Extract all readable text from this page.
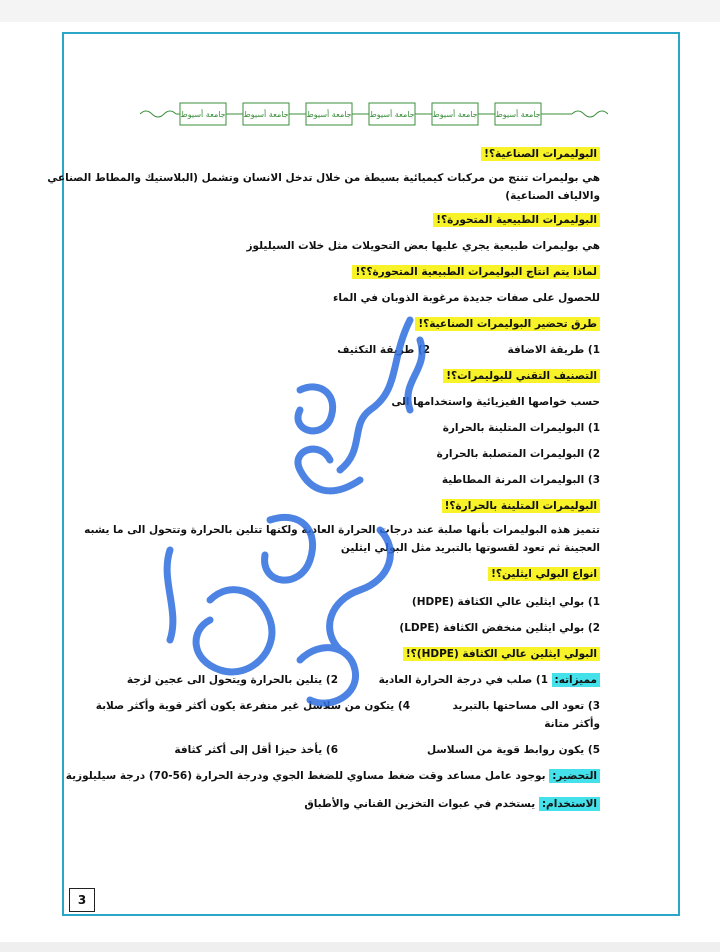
جامعة أسيوط جامعة أسيوط جامعة أسيوط جامعة أسيوط جامعة أسيوط جامعة أسيوط
البوليمرات الصناعية؟!
هي بوليمرات تنتج من مركبات كيميائية بسيطة من خلال تدخل الانسان وتشمل (البلاستيك والمطاط الصناعي
والالياف الصناعية)
البوليمرات الطبيعية المتحورة؟!
هي بوليمرات طبيعية يجري عليها بعض التحويلات مثل خلات السيليلوز
لماذا يتم انتاج البوليمرات الطبيعية المتحورة؟؟!
للحصول على صفات جديدة مرغوبة الذوبان في الماء
طرق تحضير البوليمرات الصناعية؟!
1) طريقة الاضافة
2) طريقة التكثيف
التصنيف التقني للبوليمرات؟!
حسب خواصها الفيزيائية واستخدامها الى
1) البوليمرات المتلينة بالحرارة
2) البوليمرات المتصلبة بالحرارة
3) البوليمرات المرنة المطاطية
البوليمرات المتلينة بالحرارة؟!
تتميز هذه البوليمرات بأنها صلبة عند درجات الحرارة العادية ولكنها تتلين بالحرارة وتتحول الى ما يشبه
العجينة ثم تعود لقسوتها بالتبريد مثل البولي ايثلين
انواع البولي ايثلين؟!
1) بولي ايثلين عالي الكثافة (HDPE)
2) بولي ايثلين منخفض الكثافة (LDPE)
البولي ايثلين عالي الكثافة (HDPE)؟!
مميزاته:
1) صلب في درجة الحرارة العادية
2) يتلين بالحرارة ويتحول الى عجين لزجة
3) تعود الى مساحتها بالتبريد
4) يتكون من سلاسل غير متفرعة يكون أكثر قوية وأكثر صلابة
وأكثر متانة
5) يكون روابط قوية من السلاسل
6) يأخذ حيزا أقل إلى أكثر كثافة
التحضير: بوجود عامل مساعد وقت ضغط مساوي للضغط الجوي ودرجة الحرارة (56-70) درجة سيليلوزية
الاستخدام: يستخدم في عبوات التخزين القناني والأطباق
3
